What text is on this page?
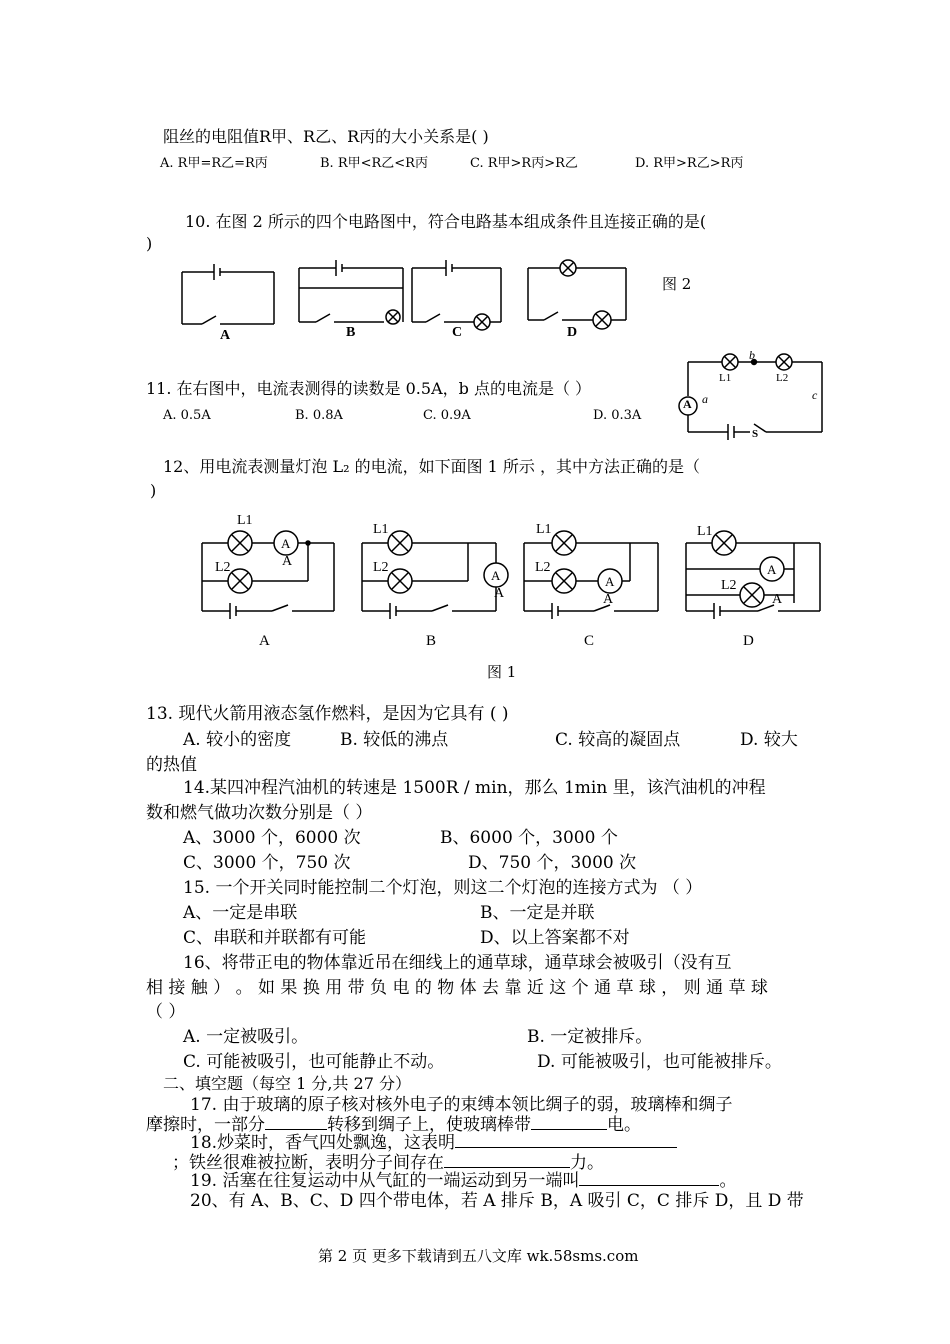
阻丝的电阻值R甲、R乙、R丙的大小关系是( )
A. R甲=R乙=R丙	B. R甲<R乙<R丙	C. R甲>R丙>R乙	D. R甲>R乙>R丙
10. 在图 2 所示的四个电路图中，符合电路基本组成条件且连接正确的是(
)
A	B	C	D
图 2
11. 在右图中，电流表测得的读数是 0.5A，b 点的电流是（ ）
A. 0.5A	B. 0.8A	C. 0.9A	D. 0.3A
A a
b
c
L1	L2
S
12、用电流表测量灯泡 L₂ 的电流，如下面图 1 所示 ，其中方法正确的是（
)
A
A	A
A
L1
L2	A
L1
L2
A
L1
L2
A
L1
L2
A
A	B	C	D
图 1
13. 现代火箭用液态氢作燃料，是因为它具有 ( )
A. 较小的密度	B. 较低的沸点	C. 较高的凝固点	D. 较大
的热值
14.某四冲程汽油机的转速是 1500R / min，那么 1min 里，该汽油机的冲程
数和燃气做功次数分别是（ ）
A、3000 个，6000 次	B、6000 个，3000 个
C、3000 个，750 次	D、750 个，3000 次
15. 一个开关同时能控制二个灯泡，则这二个灯泡的连接方式为 （ ）
A、一定是串联	B、一定是并联
C、串联和并联都有可能	D、以上答案都不对
16、将带正电的物体靠近吊在细线上的通草球，通草球会被吸引（没有互
相 接 触 ） 。 如 果 换 用 带 负 电 的 物 体 去 靠 近 这 个 通 草 球 ， 则 通 草 球
（ ）
A. 一定被吸引。	B. 一定被排斥。
C. 可能被吸引，也可能静止不动。	D. 可能被吸引，也可能被排斥。
二、填空题（每空 1 分,共 27 分）
17. 由于玻璃的原子核对核外电子的束缚本领比绸子的弱，玻璃棒和绸子
摩擦时，一部分	转移到绸子上，使玻璃棒带	电。
18.炒菜时，香气四处飘逸，这表明
；铁丝很难被拉断，表明分子间存在	力。
19. 活塞在往复运动中从气缸的一端运动到另一端叫	。
20、有 A、B、C、D 四个带电体，若 A 排斥 B，A 吸引 C，C 排斥 D，且 D 带
第 2 页 更多下载请到五八文库 wk.58sms.com
